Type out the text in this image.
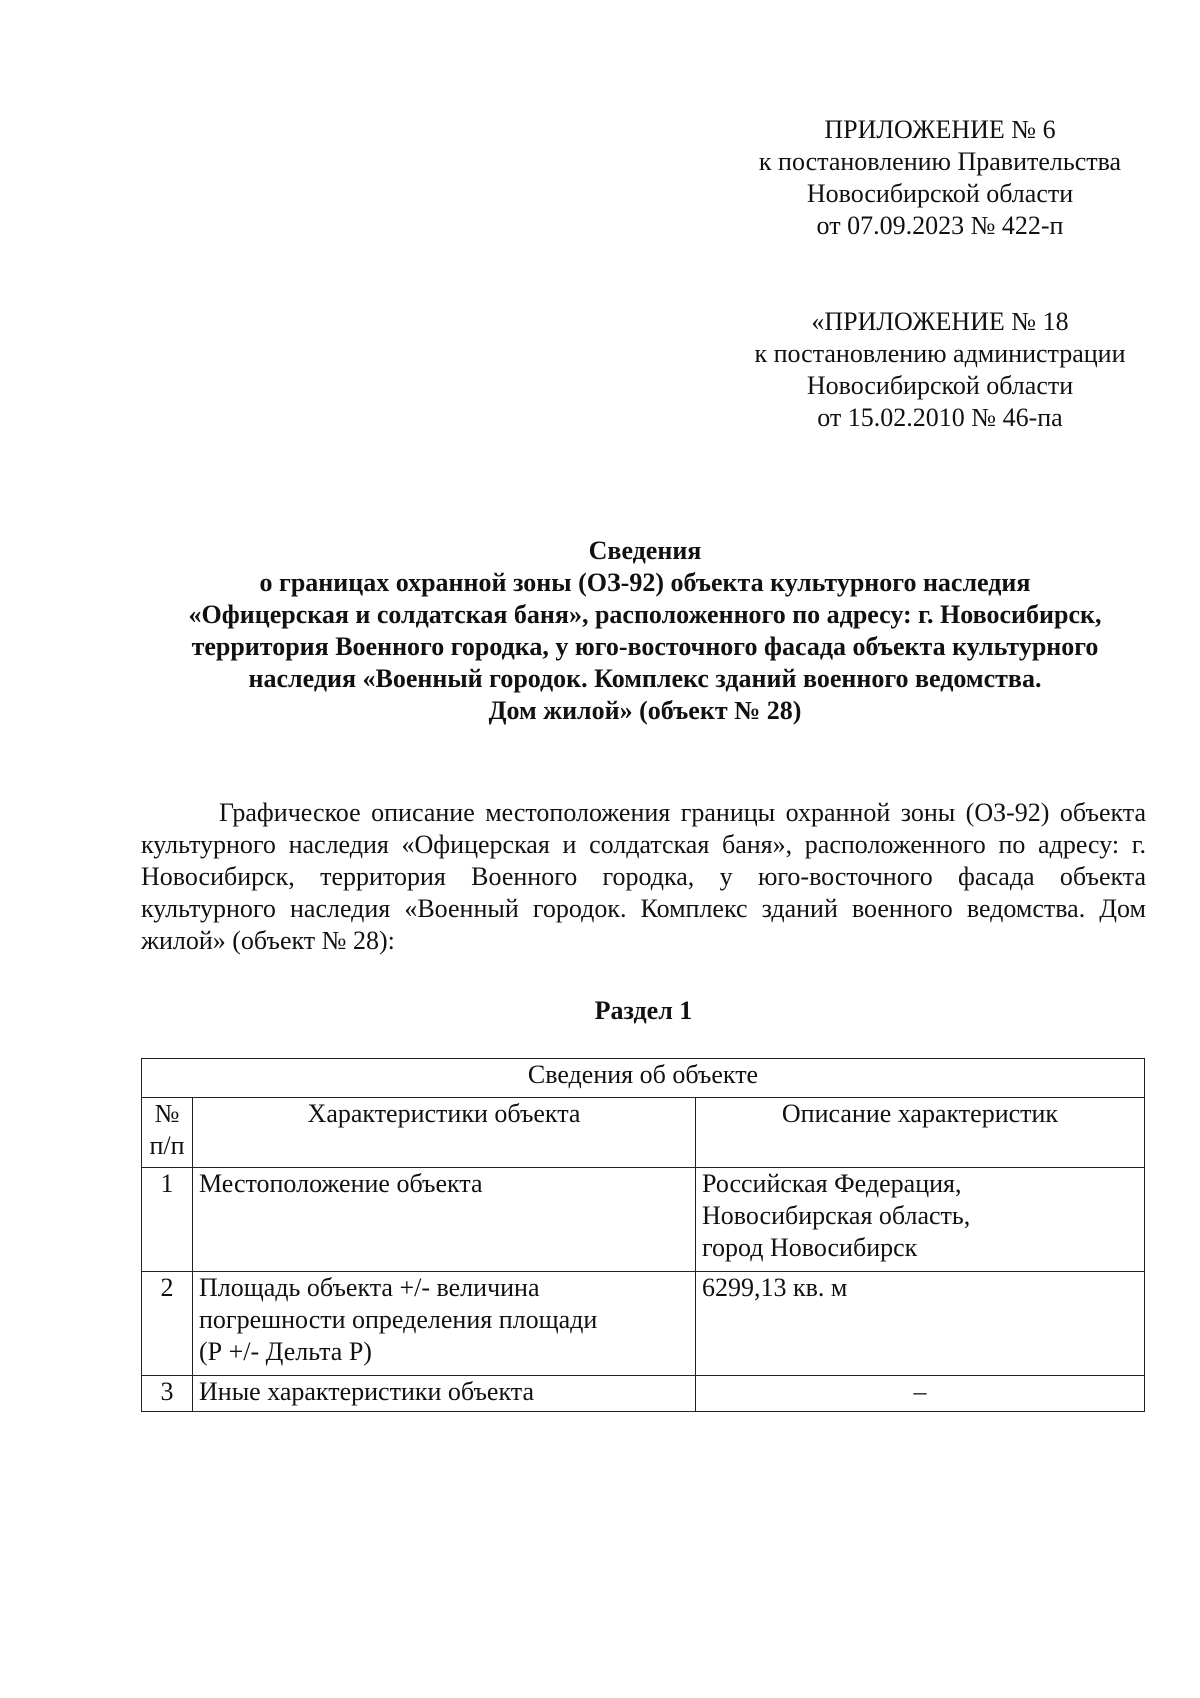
ПРИЛОЖЕНИЕ № 6
к постановлению Правительства
Новосибирской области
от 07.09.2023 № 422-п
«ПРИЛОЖЕНИЕ № 18
к постановлению администрации
Новосибирской области
от 15.02.2010 № 46-па
Сведения
о границах охранной зоны (ОЗ-92) объекта культурного наследия
«Офицерская и солдатская баня», расположенного по адресу: г. Новосибирск,
территория Военного городка, у юго-восточного фасада объекта культурного
наследия «Военный городок. Комплекс зданий военного ведомства.
Дом жилой» (объект № 28)

Графическое описание местоположения границы охранной зоны (ОЗ-92) объекта культурного наследия «Офицерская и солдатская баня», расположенного по адресу: г. Новосибирск, территория Военного городка, у юго-восточного фасада объекта культурного наследия «Военный городок. Комплекс зданий военного ведомства. Дом жилой» (объект № 28):

Раздел 1
Сведения об объекте		

№
п/п	Характеристики объекта	Описание характеристик
1	Местоположение объекта	Российская Федерация,
Новосибирская область,
город Новосибирск

2	Площадь объекта +/- величина
погрешности определения площади
(Р +/- Дельта Р)	6299,13 кв. м
3	Иные характеристики объекта	–
